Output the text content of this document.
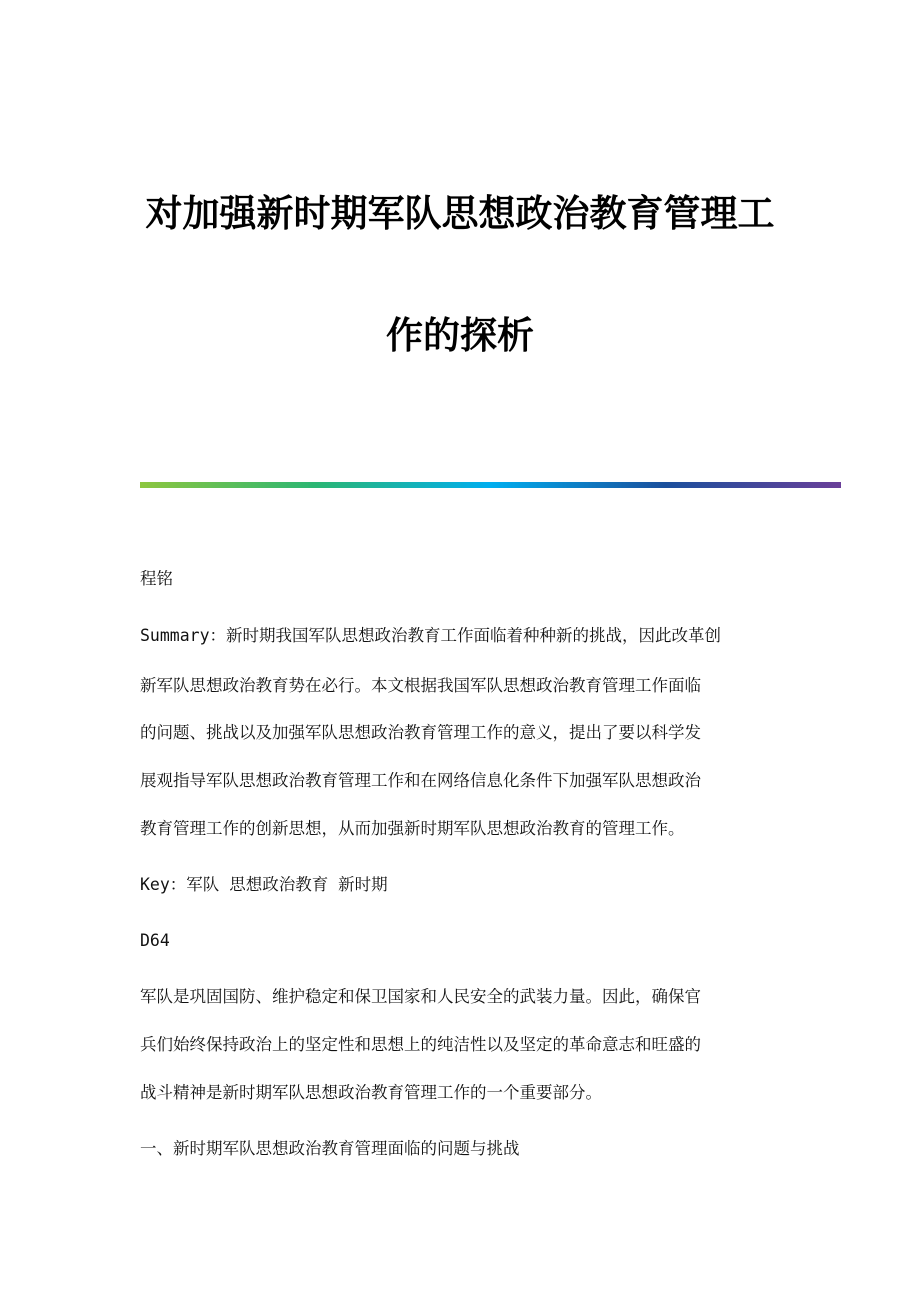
对加强新时期军队思想政治教育管理工
作的探析
程铭
Summary：新时期我国军队思想政治教育工作面临着种种新的挑战，因此改革创
新军队思想政治教育势在必行。本文根据我国军队思想政治教育管理工作面临
的问题、挑战以及加强军队思想政治教育管理工作的意义，提出了要以科学发
展观指导军队思想政治教育管理工作和在网络信息化条件下加强军队思想政治
教育管理工作的创新思想，从而加强新时期军队思想政治教育的管理工作。
Key：军队 思想政治教育 新时期
D64
军队是巩固国防、维护稳定和保卫国家和人民安全的武装力量。因此，确保官
兵们始终保持政治上的坚定性和思想上的纯洁性以及坚定的革命意志和旺盛的
战斗精神是新时期军队思想政治教育管理工作的一个重要部分。
一、新时期军队思想政治教育管理面临的问题与挑战
